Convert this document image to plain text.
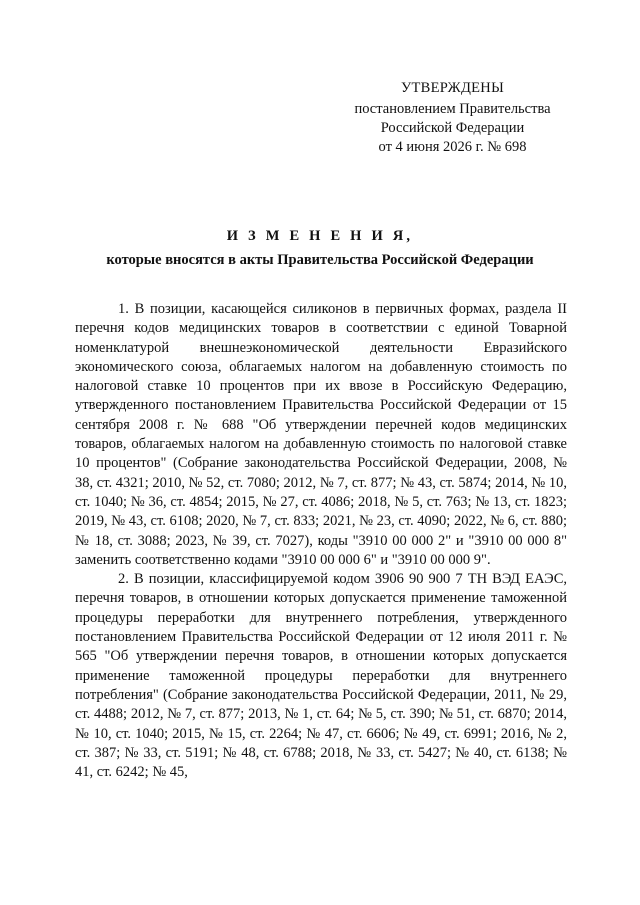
УТВЕРЖДЕНЫ
постановлением Правительства
Российской Федерации
от 4 июня 2026 г. № 698
И З М Е Н Е Н И Я,
которые вносятся в акты Правительства Российской Федерации

1. В позиции, касающейся силиконов в первичных формах, раздела II перечня кодов медицинских товаров в соответствии с единой Товарной номенклатурой внешнеэкономической деятельности Евразийского экономического союза, облагаемых налогом на добавленную стоимость по налоговой ставке 10 процентов при их ввозе в Российскую Федерацию, утвержденного постановлением Правительства Российской Федерации от 15 сентября 2008 г. № 688 "Об утверждении перечней кодов медицинских товаров, облагаемых налогом на добавленную стоимость по налоговой ставке 10 процентов" (Собрание законодательства Российской Федерации, 2008, № 38, ст. 4321; 2010, № 52, ст. 7080; 2012, № 7, ст. 877; № 43, ст. 5874; 2014, № 10, ст. 1040; № 36, ст. 4854; 2015, № 27, ст. 4086; 2018, № 5, ст. 763; № 13, ст. 1823; 2019, № 43, ст. 6108; 2020, № 7, ст. 833; 2021, № 23, ст. 4090; 2022, № 6, ст. 880; № 18, ст. 3088; 2023, № 39, ст. 7027), коды "3910 00 000 2" и "3910 00 000 8" заменить соответственно кодами "3910 00 000 6" и "3910 00 000 9".

2. В позиции, классифицируемой кодом 3906 90 900 7 ТН ВЭД ЕАЭС, перечня товаров, в отношении которых допускается применение таможенной процедуры переработки для внутреннего потребления, утвержденного постановлением Правительства Российской Федерации от 12 июля 2011 г. № 565 "Об утверждении перечня товаров, в отношении которых допускается применение таможенной процедуры переработки для внутреннего потребления" (Собрание законодательства Российской Федерации, 2011, № 29, ст. 4488; 2012, № 7, ст. 877; 2013, № 1, ст. 64; № 5, ст. 390; № 51, ст. 6870; 2014, № 10, ст. 1040; 2015, № 15, ст. 2264; № 47, ст. 6606; № 49, ст. 6991; 2016, № 2, ст. 387; № 33, ст. 5191; № 48, ст. 6788; 2018, № 33, ст. 5427; № 40, ст. 6138; № 41, ст. 6242; № 45,
